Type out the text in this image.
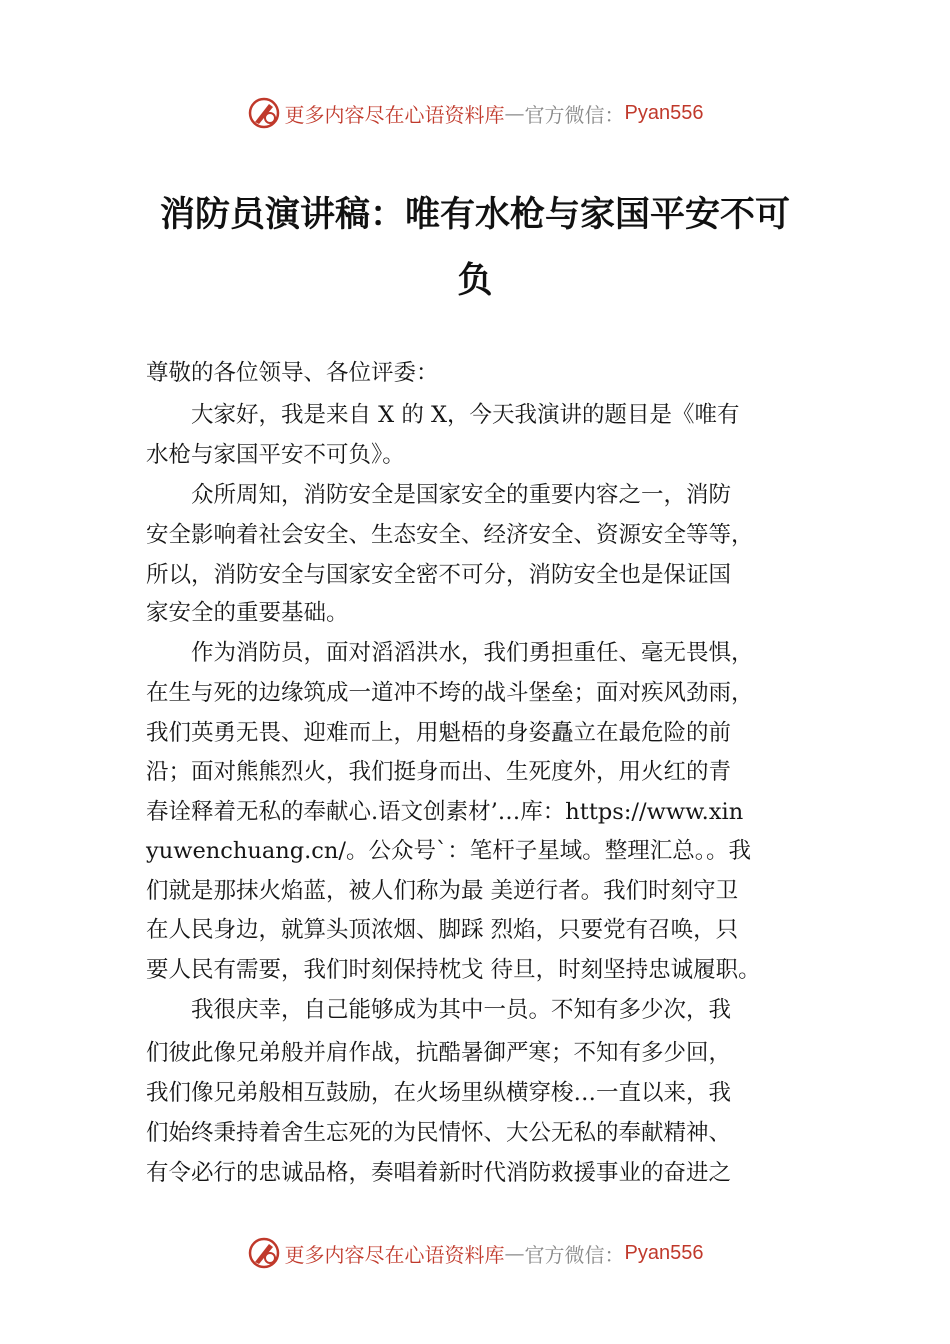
更多内容尽在心语资料库 — 官方微信： Pyan556
消防员演讲稿：唯有水枪与家国平安不可
负
尊敬的各位领导、各位评委：
　　大家好，我是来自 X 的 X，今天我演讲的题目是《唯有
水枪与家国平安不可负》。
　　众所周知，消防安全是国家安全的重要内容之一，消防
安全影响着社会安全、生态安全、经济安全、资源安全等等，
所以，消防安全与国家安全密不可分，消防安全也是保证国
家安全的重要基础。
　　作为消防员，面对滔滔洪水，我们勇担重任、毫无畏惧，
在生与死的边缘筑成一道冲不垮的战斗堡垒；面对疾风劲雨，
我们英勇无畏、迎难而上，用魁梧的身姿矗立在最危险的前
沿；面对熊熊烈火，我们挺身而出、生死度外，用火红的青
春诠释着无私的奉献心.语文创素材’…库：https://www.xin
yuwenchuang.cn/。公众号`：笔杆子星域。整理汇总。。我
们就是那抹火焰蓝，被人们称为最 美逆行者。我们时刻守卫
在人民身边，就算头顶浓烟、脚踩 烈焰，只要党有召唤，只
要人民有需要，我们时刻保持枕戈 待旦，时刻坚持忠诚履职。
　　我很庆幸，自己能够成为其中一员。不知有多少次，我
们彼此像兄弟般并肩作战，抗酷暑御严寒；不知有多少回，
我们像兄弟般相互鼓励，在火场里纵横穿梭…一直以来，我
们始终秉持着舍生忘死的为民情怀、大公无私的奉献精神、
有令必行的忠诚品格，奏唱着新时代消防救援事业的奋进之
更多内容尽在心语资料库 — 官方微信： Pyan556
